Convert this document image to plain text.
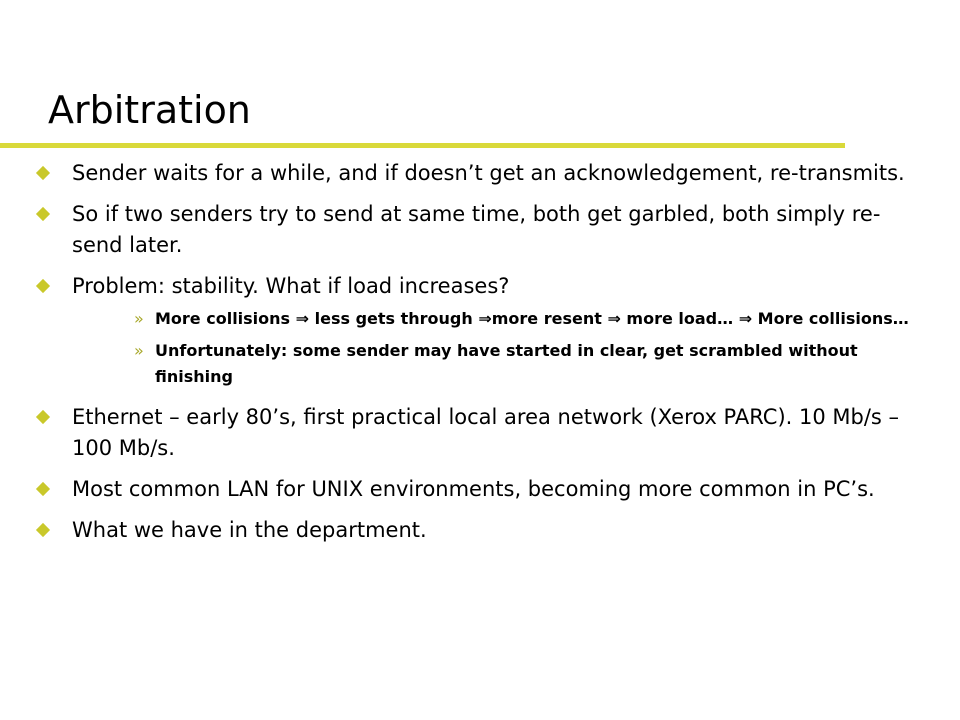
Arbitration
Sender waits for a while, and if doesn’t get an acknowledgement, re-transmits.
So if two senders try to send at same time, both get garbled, both simply re-send later.
Problem: stability. What if load increases?
» More collisions ⇒ less gets through ⇒more resent ⇒ more load… ⇒ More collisions…
» Unfortunately: some sender may have started in clear, get scrambled without finishing
Ethernet – early 80’s, first practical local area network (Xerox PARC). 10 Mb/s – 100 Mb/s.
Most common LAN for UNIX environments, becoming more common in PC’s.
What we have in the department.
